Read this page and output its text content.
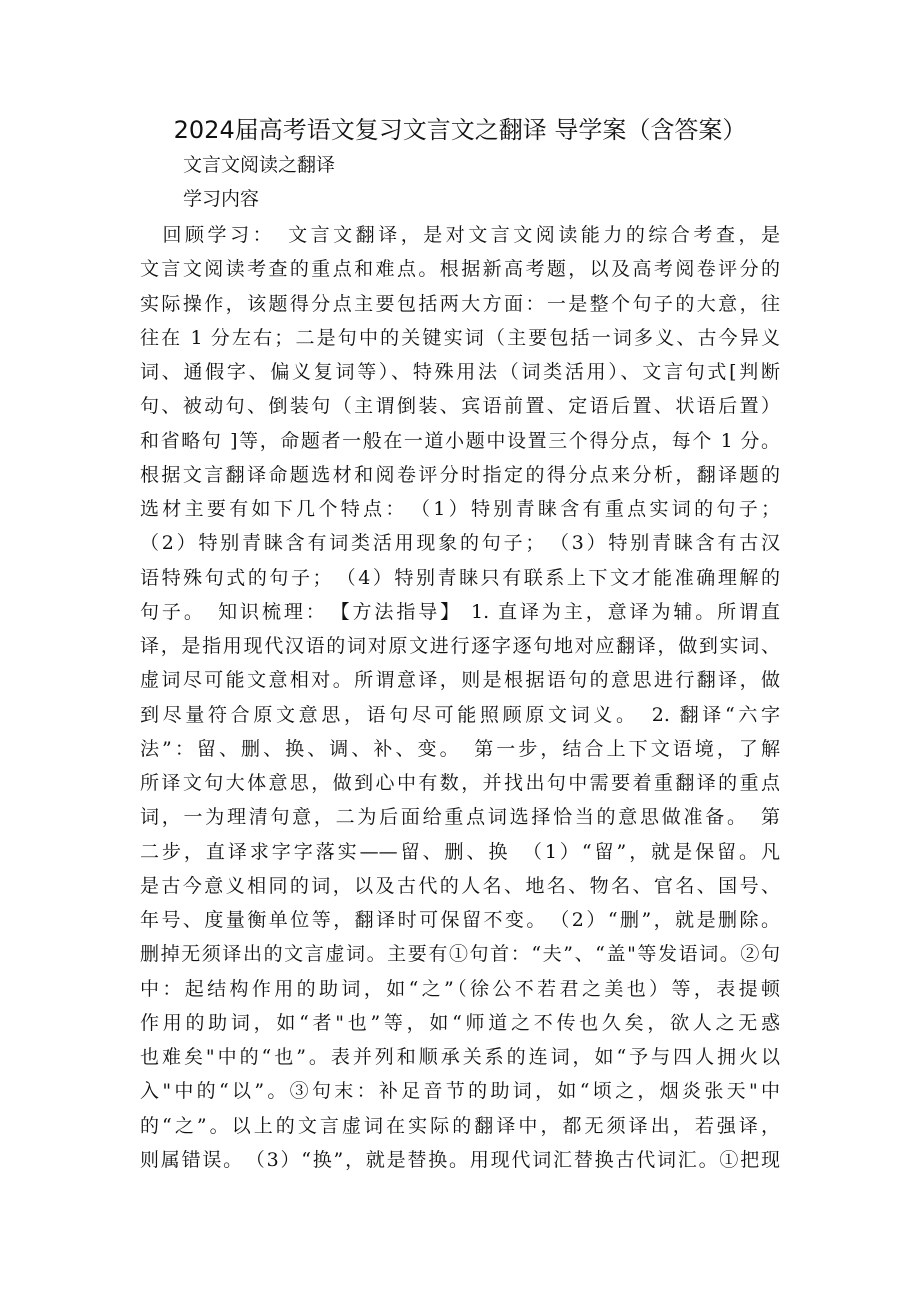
2024届高考语文复习文言文之翻译 导学案（含答案）

文言文阅读之翻译

学习内容

　回顾学习：　文言文翻译，是对文言文阅读能力的综合考查，是
文言文阅读考查的重点和难点。根据新高考题，以及高考阅卷评分的
实际操作，该题得分点主要包括两大方面：一是整个句子的大意，往
往在 1 分左右；二是句中的关键实词（主要包括一词多义、古今异义
词、通假字、偏义复词等）、特殊用法（词类活用）、文言句式[判断
句、被动句、倒装句（主谓倒装、宾语前置、定语后置、状语后置）
和省略句 ]等，命题者一般在一道小题中设置三个得分点，每个 1 分。
根据文言翻译命题选材和阅卷评分时指定的得分点来分析，翻译题的
选材主要有如下几个特点：　（1）特别青睐含有重点实词的句子；
（2）特别青睐含有词类活用现象的句子；　（3）特别青睐含有古汉
语特殊句式的句子；　（4）特别青睐只有联系上下文才能准确理解的
句子。　知识梳理：　【方法指导】 1. 直译为主，意译为辅。所谓直
译，是指用现代汉语的词对原文进行逐字逐句地对应翻译，做到实词、
虚词尽可能文意相对。所谓意译，则是根据语句的意思进行翻译，做
到尽量符合原文意思，语句尽可能照顾原文词义。　2. 翻译“六字
法”：留、删、换、调、补、变。　第一步，结合上下文语境，了解
所译文句大体意思，做到心中有数，并找出句中需要着重翻译的重点
词，一为理清句意，二为后面给重点词选择恰当的意思做准备。　第
二步，直译求字字落实——留、删、换　（1）“留”，就是保留。凡
是古今意义相同的词，以及古代的人名、地名、物名、官名、国号、
年号、度量衡单位等，翻译时可保留不变。　（2）“删”，就是删除。
删掉无须译出的文言虚词。主要有①句首：“夫”、“盖"等发语词。②句
中：起结构作用的助词，如“之”（徐公不若君之美也）等，表提顿
作用的助词，如“者"也”等，如“师道之不传也久矣，欲人之无惑
也难矣"中的“也”。表并列和顺承关系的连词，如“予与四人拥火以
入"中的“以”。③句末：补足音节的助词，如“顷之，烟炎张天"中
的“之”。以上的文言虚词在实际的翻译中，都无须译出，若强译，
则属错误。　（3）“换”，就是替换。用现代词汇替换古代词汇。①把现
